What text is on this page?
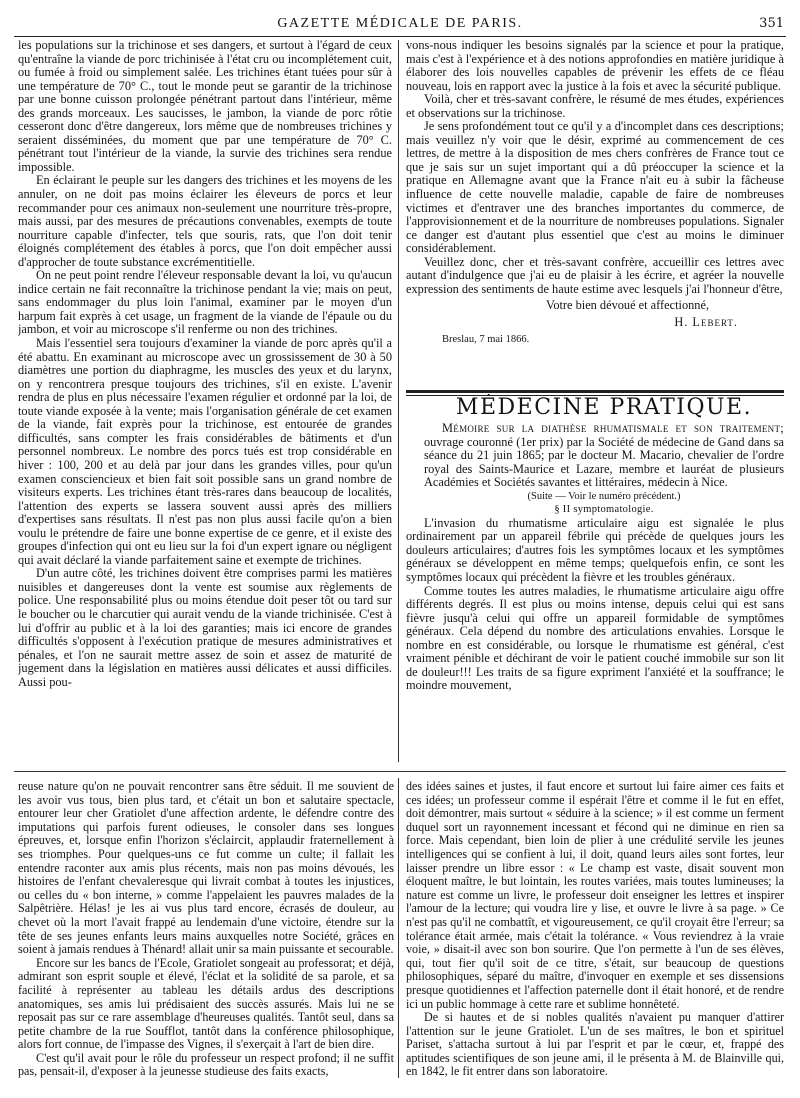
GAZETTE MÉDICALE DE PARIS.	351

les populations sur la trichinose et ses dangers, et surtout à l'égard de ceux qu'entraîne la viande de porc trichinisée à l'état cru ou incomplétement cuit, ou fumée à froid ou simplement salée. Les trichines étant tuées pour sûr à une température de 70° C., tout le monde peut se garantir de la trichinose par une bonne cuisson prolongée pénétrant partout dans l'intérieur, même des grands morceaux. Les saucisses, le jambon, la viande de porc rôtie cesseront donc d'être dangereux, lors même que de nombreuses trichines y seraient disséminées, du moment que par une température de 70° C. pénétrant tout l'intérieur de la viande, la survie des trichines sera rendue impossible.

En éclairant le peuple sur les dangers des trichines et les moyens de les annuler, on ne doit pas moins éclairer les éleveurs de porcs et leur recommander pour ces animaux non-seulement une nourriture très-propre, mais aussi, par des mesures de précautions convenables, exempts de toute nourriture capable d'infecter, tels que souris, rats, que l'on doit tenir éloignés complétement des étables à porcs, que l'on doit empêcher aussi d'approcher de toute substance excrémentitielle.

On ne peut point rendre l'éleveur responsable devant la loi, vu qu'aucun indice certain ne fait reconnaître la trichinose pendant la vie; mais on peut, sans endommager du plus loin l'animal, examiner par le moyen d'un harpum fait exprès à cet usage, un fragment de la viande de l'épaule ou du jambon, et voir au microscope s'il renferme ou non des trichines.

Mais l'essentiel sera toujours d'examiner la viande de porc après qu'il a été abattu. En examinant au microscope avec un grossissement de 30 à 50 diamètres une portion du diaphragme, les muscles des yeux et du larynx, on y rencontrera presque toujours des trichines, s'il en existe. L'avenir rendra de plus en plus nécessaire l'examen régulier et ordonné par la loi, de toute viande exposée à la vente; mais l'organisation générale de cet examen de la viande, fait exprès pour la trichinose, est entourée de grandes difficultés, sans compter les frais considérables de bâtiments et d'un personnel nombreux. Le nombre des porcs tués est trop considérable en hiver : 100, 200 et au delà par jour dans les grandes villes, pour qu'un examen consciencieux et bien fait soit possible sans un grand nombre de visiteurs experts. Les trichines étant très-rares dans beaucoup de localités, l'attention des experts se lassera souvent aussi après des milliers d'expertises sans résultats. Il n'est pas non plus aussi facile qu'on a bien voulu le prétendre de faire une bonne expertise de ce genre, et il existe des groupes d'infection qui ont eu lieu sur la foi d'un expert ignare ou négligent qui avait déclaré la viande parfaitement saine et exempte de trichines.

D'un autre côté, les trichines doivent être comprises parmi les matières nuisibles et dangereuses dont la vente est soumise aux règlements de police. Une responsabilité plus ou moins étendue doit peser tôt ou tard sur le boucher ou le charcutier qui aurait vendu de la viande trichinisée. C'est à lui d'offrir au public et à la loi des garanties; mais ici encore de grandes difficultés s'opposent à l'exécution pratique de mesures administratives et pénales, et l'on ne saurait mettre assez de soin et assez de maturité de jugement dans la législation en matières aussi délicates et aussi difficiles. Aussi pou-

vons-nous indiquer les besoins signalés par la science et pour la pratique, mais c'est à l'expérience et à des notions approfondies en matière juridique à élaborer des lois nouvelles capables de prévenir les effets de ce fléau nouveau, lois en rapport avec la justice à la fois et avec la sécurité publique.

Voilà, cher et très-savant confrère, le résumé de mes études, expériences et observations sur la trichinose.

Je sens profondément tout ce qu'il y a d'incomplet dans ces descriptions; mais veuillez n'y voir que le désir, exprimé au commencement de ces lettres, de mettre à la disposition de mes chers confrères de France tout ce que je sais sur un sujet important qui a dû préoccuper la science et la pratique en Allemagne avant que la France n'ait eu à subir la fâcheuse influence de cette nouvelle maladie, capable de faire de nombreuses victimes et d'entraver une des branches importantes du commerce, de l'approvisionnement et de la nourriture de nombreuses populations. Signaler ce danger est d'autant plus essentiel que c'est au moins le diminuer considérablement.

Veuillez donc, cher et très-savant confrère, accueillir ces lettres avec autant d'indulgence que j'ai eu de plaisir à les écrire, et agréer la nouvelle expression des sentiments de haute estime avec lesquels j'ai l'honneur d'être,

Votre bien dévoué et affectionné,

H. Lebert.

Breslau, 7 mai 1866.

MÉDECINE PRATIQUE.

Mémoire sur la diathèse rhumatismale et son traitement; ouvrage couronné (1er prix) par la Société de médecine de Gand dans sa séance du 21 juin 1865; par le docteur M. Macario, chevalier de l'ordre royal des Saints-Maurice et Lazare, membre et lauréat de plusieurs Académies et Sociétés savantes et littéraires, médecin à Nice.

(Suite — Voir le numéro précédent.)

§ II symptomatologie.

L'invasion du rhumatisme articulaire aigu est signalée le plus ordinairement par un appareil fébrile qui précède de quelques jours les douleurs articulaires; d'autres fois les symptômes locaux et les symptômes généraux se développent en même temps; quelquefois enfin, ce sont les symptômes locaux qui précèdent la fièvre et les troubles généraux.

Comme toutes les autres maladies, le rhumatisme articulaire aigu offre différents degrés. Il est plus ou moins intense, depuis celui qui est sans fièvre jusqu'à celui qui offre un appareil formidable de symptômes généraux. Cela dépend du nombre des articulations envahies. Lorsque le nombre en est considérable, ou lorsque le rhumatisme est général, c'est vraiment pénible et déchirant de voir le patient couché immobile sur son lit de douleur!!! Les traits de sa figure expriment l'anxiété et la souffrance; le moindre mouvement,

reuse nature qu'on ne pouvait rencontrer sans être séduit. Il me souvient de les avoir vus tous, bien plus tard, et c'était un bon et salutaire spectacle, entourer leur cher Gratiolet d'une affection ardente, le défendre contre des imputations qui parfois furent odieuses, le consoler dans ses longues épreuves, et, lorsque enfin l'horizon s'éclaircit, applaudir fraternellement à ses triomphes. Pour quelques-uns ce fut comme un culte; il fallait les entendre raconter aux amis plus récents, mais non pas moins dévoués, les histoires de l'enfant chevaleresque qui livrait combat à toutes les injustices, ou celles du « bon interne, » comme l'appelaient les pauvres malades de la Salpêtrière. Hélas! je les ai vus plus tard encore, écrasés de douleur, au chevet où la mort l'avait frappé au lendemain d'une victoire, étendre sur la tête de ses jeunes enfants leurs mains auxquelles notre Société, grâces en soient à jamais rendues à Thénard! allait unir sa main puissante et secourable.

Encore sur les bancs de l'Ecole, Gratiolet songeait au professorat; et déjà, admirant son esprit souple et élevé, l'éclat et la solidité de sa parole, et sa facilité à représenter au tableau les détails ardus des descriptions anatomiques, ses amis lui prédisaient des succès assurés. Mais lui ne se reposait pas sur ce rare assemblage d'heureuses qualités. Tantôt seul, dans sa petite chambre de la rue Soufflot, tantôt dans la conférence philosophique, alors fort connue, de l'impasse des Vignes, il s'exerçait à l'art de bien dire.

C'est qu'il avait pour le rôle du professeur un respect profond; il ne suffit pas, pensait-il, d'exposer à la jeunesse studieuse des faits exacts,

des idées saines et justes, il faut encore et surtout lui faire aimer ces faits et ces idées; un professeur comme il espérait l'être et comme il le fut en effet, doit démontrer, mais surtout « séduire à la science; » il est comme un ferment duquel sort un rayonnement incessant et fécond qui ne diminue en rien sa force. Mais cependant, bien loin de plier à une crédulité servile les jeunes intelligences qui se confient à lui, il doit, quand leurs ailes sont fortes, leur laisser prendre un libre essor : « Le champ est vaste, disait souvent mon éloquent maître, le but lointain, les routes variées, mais toutes lumineuses; la nature est comme un livre, le professeur doit enseigner les lettres et inspirer l'amour de la lecture; qui voudra lire y lise, et ouvre le livre à sa page. » Ce n'est pas qu'il ne combattît, et vigoureusement, ce qu'il croyait être l'erreur; sa tolérance était armée, mais c'était la tolérance. « Vous reviendrez à la vraie voie, » disait-il avec son bon sourire. Que l'on permette à l'un de ses élèves, qui, tout fier qu'il soit de ce titre, s'était, sur beaucoup de questions philosophiques, séparé du maître, d'invoquer en exemple et ses dissensions presque quotidiennes et l'affection paternelle dont il était honoré, et de rendre ici un public hommage à cette rare et sublime honnêteté.

De si hautes et de si nobles qualités n'avaient pu manquer d'attirer l'attention sur le jeune Gratiolet. L'un de ses maîtres, le bon et spirituel Pariset, s'attacha surtout à lui par l'esprit et par le cœur, et, frappé des aptitudes scientifiques de son jeune ami, il le présenta à M. de Blainville qui, en 1842, le fit entrer dans son laboratoire.
